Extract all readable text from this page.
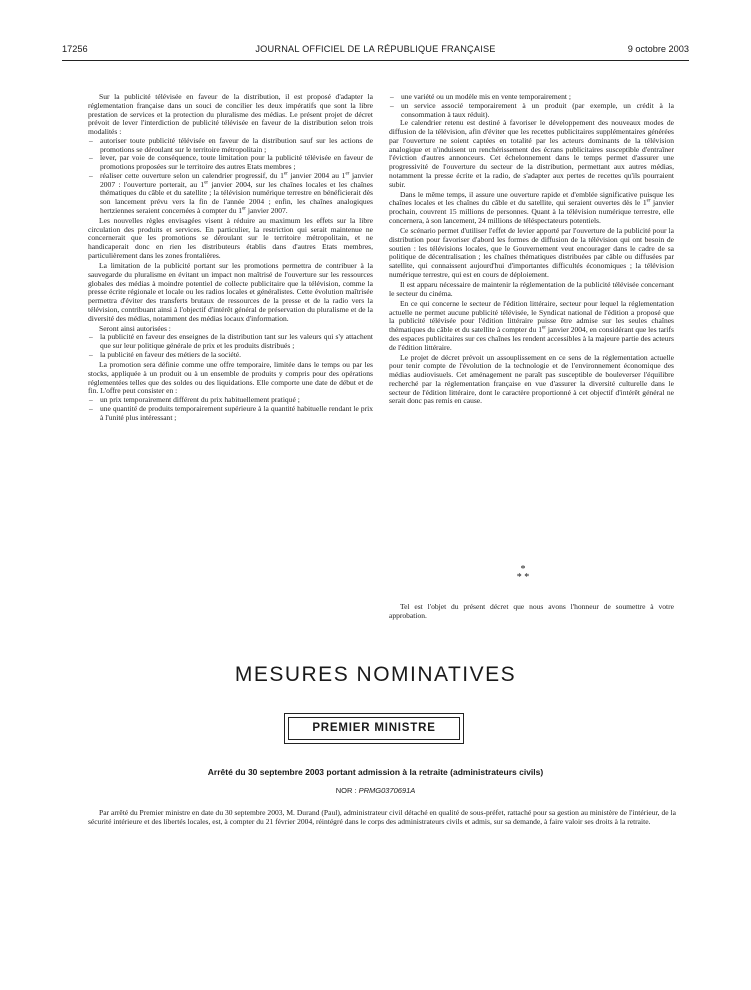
17256	JOURNAL OFFICIEL DE LA RÉPUBLIQUE FRANÇAISE	9 octobre 2003

Sur la publicité télévisée en faveur de la distribution, il est proposé d'adapter la réglementation française dans un souci de concilier les deux impératifs que sont la libre prestation de services et la protection du pluralisme des médias. Le présent projet de décret prévoit de lever l'interdiction de publicité télévisée en faveur de la distribution selon trois modalités :

– autoriser toute publicité télévisée en faveur de la distribution sauf sur les actions de promotions se déroulant sur le territoire métropolitain ;
– lever, par voie de conséquence, toute limitation pour la publicité télévisée en faveur de promotions proposées sur le territoire des autres Etats membres ;
– réaliser cette ouverture selon un calendrier progressif, du 1er janvier 2004 au 1er janvier 2007 : l'ouverture porterait, au 1er janvier 2004, sur les chaînes locales et les chaînes thématiques du câble et du satellite ; la télévision numérique terrestre en bénéficierait dès son lancement prévu vers la fin de l'année 2004 ; enfin, les chaînes analogiques hertziennes seraient concernées à compter du 1er janvier 2007.

Les nouvelles règles envisagées visent à réduire au maximum les effets sur la libre circulation des produits et services. En particulier, la restriction qui serait maintenue ne concernerait que les promotions se déroulant sur le territoire métropolitain, et ne handicaperait donc en rien les distributeurs établis dans d'autres Etats membres, particulièrement dans les zones frontalières.

La limitation de la publicité portant sur les promotions permettra de contribuer à la sauvegarde du pluralisme en évitant un impact non maîtrisé de l'ouverture sur les ressources globales des médias à moindre potentiel de collecte publicitaire que la télévision, comme la presse écrite régionale et locale ou les radios locales et généralistes. Cette évolution maîtrisée permettra d'éviter des transferts brutaux de ressources de la presse et de la radio vers la télévision, contribuant ainsi à l'objectif d'intérêt général de préservation du pluralisme et de la diversité des médias, notamment des médias locaux d'information.

Seront ainsi autorisées :

– la publicité en faveur des enseignes de la distribution tant sur les valeurs qui s'y attachent que sur leur politique générale de prix et les produits distribués ;
– la publicité en faveur des métiers de la société.

La promotion sera définie comme une offre temporaire, limitée dans le temps ou par les stocks, appliquée à un produit ou à un ensemble de produits y compris pour des opérations réglementées telles que des soldes ou des liquidations. Elle comporte une date de début et de fin. L'offre peut consister en :

– un prix temporairement différent du prix habituellement pratiqué ;
– une quantité de produits temporairement supérieure à la quantité habituelle rendant le prix à l'unité plus intéressant ;
– une variété ou un modèle mis en vente temporairement ;
– un service associé temporairement à un produit (par exemple, un crédit à la consommation à taux réduit).

Le calendrier retenu est destiné à favoriser le développement des nouveaux modes de diffusion de la télévision, afin d'éviter que les recettes publicitaires supplémentaires générées par l'ouverture ne soient captées en totalité par les acteurs dominants de la télévision analogique et n'induisent un renchérissement des écrans publicitaires susceptible d'entraîner l'éviction d'autres annonceurs. Cet échelonnement dans le temps permet d'assurer une progressivité de l'ouverture du secteur de la distribution, permettant aux autres médias, notamment la presse écrite et la radio, de s'adapter aux pertes de recettes qu'ils pourraient subir.

Dans le même temps, il assure une ouverture rapide et d'emblée significative puisque les chaînes locales et les chaînes du câble et du satellite, qui seraient ouvertes dès le 1er janvier prochain, couvrent 15 millions de personnes. Quant à la télévision numérique terrestre, elle concernera, à son lancement, 24 millions de téléspectateurs potentiels.

Ce scénario permet d'utiliser l'effet de levier apporté par l'ouverture de la publicité pour la distribution pour favoriser d'abord les formes de diffusion de la télévision qui ont besoin de soutien : les télévisions locales, que le Gouvernement veut encourager dans le cadre de sa politique de décentralisation ; les chaînes thématiques distribuées par câble ou diffusées par satellite, qui connaissent aujourd'hui d'importantes difficultés économiques ; la télévision numérique terrestre, qui est en cours de déploiement.

Il est apparu nécessaire de maintenir la réglementation de la publicité télévisée concernant le secteur du cinéma.

En ce qui concerne le secteur de l'édition littéraire, secteur pour lequel la réglementation actuelle ne permet aucune publicité télévisée, le Syndicat national de l'édition a proposé que la publicité télévisée pour l'édition littéraire puisse être admise sur les seules chaînes thématiques du câble et du satellite à compter du 1er janvier 2004, en considérant que les tarifs des espaces publicitaires sur ces chaînes les rendent accessibles à la majeure partie des acteurs de l'édition littéraire.

Le projet de décret prévoit un assouplissement en ce sens de la réglementation actuelle pour tenir compte de l'évolution de la technologie et de l'environnement économique des médias audiovisuels. Cet aménagement ne paraît pas susceptible de bouleverser l'équilibre recherché par la réglementation française en vue d'assurer la diversité culturelle dans le secteur de l'édition littéraire, dont le caractère proportionné à cet objectif d'intérêt général ne serait donc pas remis en cause.

*
* *

Tel est l'objet du présent décret que nous avons l'honneur de soumettre à votre approbation.

MESURES NOMINATIVES
PREMIER MINISTRE
Arrêté du 30 septembre 2003 portant admission à la retraite (administrateurs civils)
NOR : PRMG0370691A

Par arrêté du Premier ministre en date du 30 septembre 2003, M. Durand (Paul), administrateur civil détaché en qualité de sous-préfet, rattaché pour sa gestion au ministère de l'intérieur, de la sécurité intérieure et des libertés locales, est, à compter du 21 février 2004, réintégré dans le corps des administrateurs civils et admis, sur sa demande, à faire valoir ses droits à la retraite.
